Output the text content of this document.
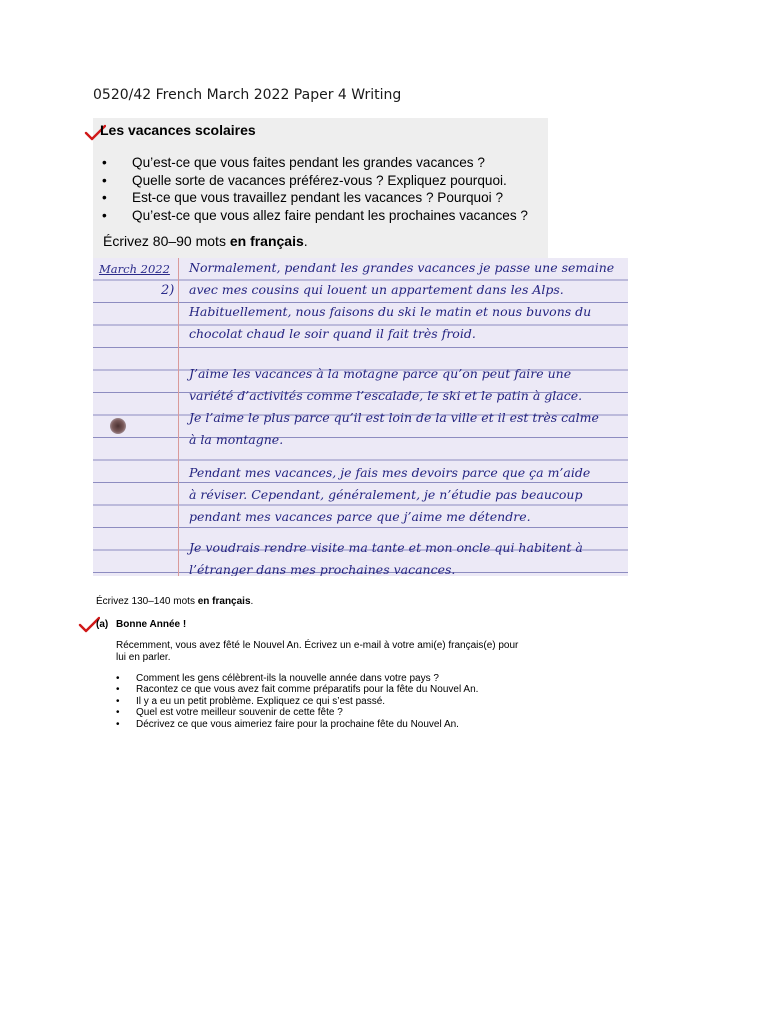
0520/42 French March 2022 Paper 4 Writing
Les vacances scolaires
• Qu’est-ce que vous faites pendant les grandes vacances ?
• Quelle sorte de vacances préférez-vous ? Expliquez pourquoi.
• Est-ce que vous travaillez pendant les vacances ? Pourquoi ?
• Qu’est-ce que vous allez faire pendant les prochaines vacances ?
Écrivez 80–90 mots en français.
March 2022
2)

Normalement, pendant les grandes vacances je passe une semaine

avec mes cousins qui louent un appartement dans les Alps.

Habituellement, nous faisons du ski le matin et nous buvons du

chocolat chaud le soir quand il fait très froid.

J’aime les vacances à la motagne parce qu’on peut faire une

variété d’activités comme l’escalade, le ski et le patin à glace.

Je l’aime le plus parce qu’il est loin de la ville et il est très calme

à la montagne.

Pendant mes vacances, je fais mes devoirs parce que ça m’aide

à réviser. Cependant, généralement, je n’étudie pas beaucoup

pendant mes vacances parce que j’aime me détendre.

Je voudrais rendre visite ma tante et mon oncle qui habitent à

l’étranger dans mes prochaines vacances.

Écrivez 130–140 mots en français.
(a) Bonne Année !

Récemment, vous avez fêté le Nouvel An. Écrivez un e-mail à votre ami(e) français(e) pour lui en parler.

• Comment les gens célèbrent-ils la nouvelle année dans votre pays ?
• Racontez ce que vous avez fait comme préparatifs pour la fête du Nouvel An.
• Il y a eu un petit problème. Expliquez ce qui s’est passé.
• Quel est votre meilleur souvenir de cette fête ?
• Décrivez ce que vous aimeriez faire pour la prochaine fête du Nouvel An.
